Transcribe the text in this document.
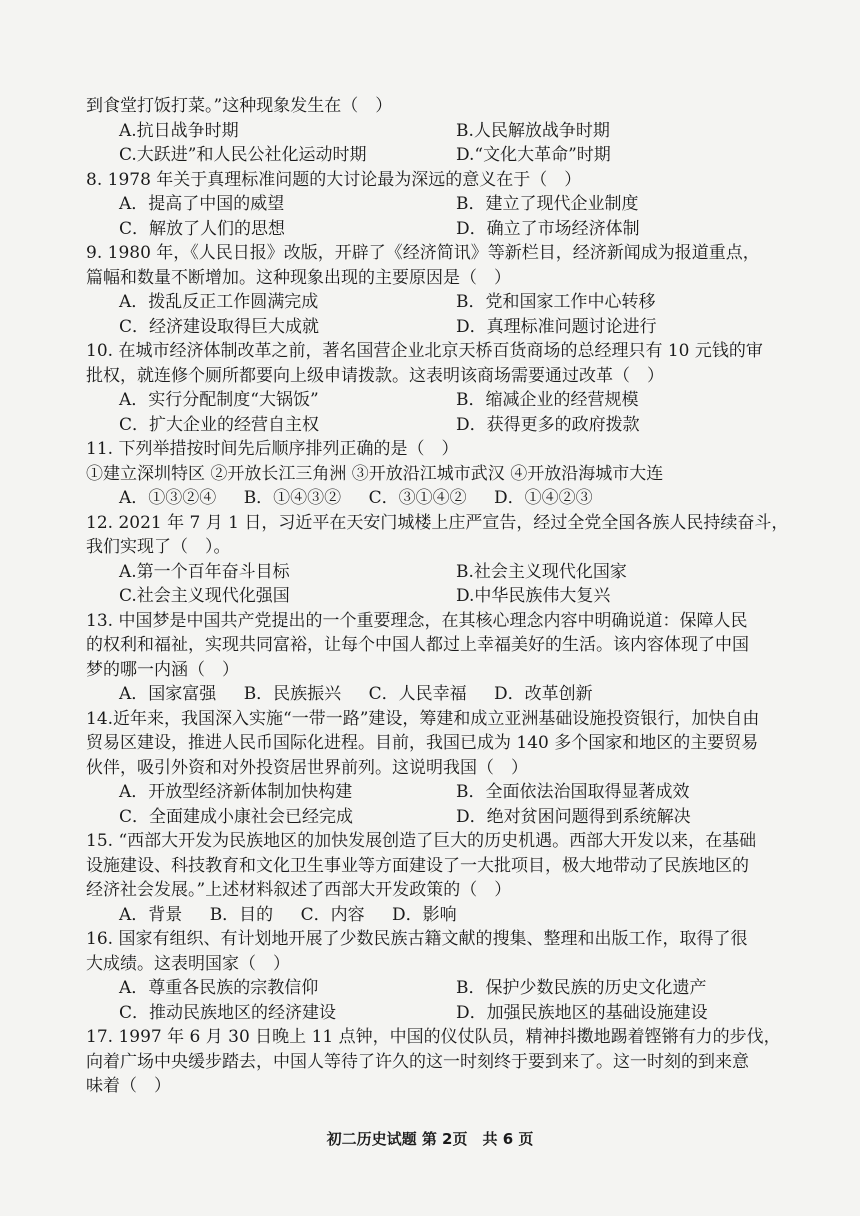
到食堂打饭打菜。”这种现象发生在（　）
A.抗日战争时期	B.人民解放战争时期
C.大跃进”和人民公社化运动时期	D.“文化大革命”时期
8. 1978 年关于真理标准问题的大讨论最为深远的意义在于（　）
A．提高了中国的威望	B．建立了现代企业制度
C．解放了人们的思想	D．确立了市场经济体制
9. 1980 年，《人民日报》改版，开辟了《经济简讯》等新栏目，经济新闻成为报道重点，
篇幅和数量不断增加。这种现象出现的主要原因是（　）
A．拨乱反正工作圆满完成	B．党和国家工作中心转移
C．经济建设取得巨大成就	D．真理标准问题讨论进行
10. 在城市经济体制改革之前，著名国营企业北京天桥百货商场的总经理只有 10 元钱的审
批权，就连修个厕所都要向上级申请拨款。这表明该商场需要通过改革（　）
A．实行分配制度“大锅饭”	B．缩减企业的经营规模
C．扩大企业的经营自主权	D．获得更多的政府拨款
11. 下列举措按时间先后顺序排列正确的是（　）
①建立深圳特区 ②开放长江三角洲 ③开放沿江城市武汉 ④开放沿海城市大连
A．①③②④ B．①④③② C．③①④② D．①④②③
12. 2021 年 7 月 1 日，习近平在天安门城楼上庄严宣告，经过全党全国各族人民持续奋斗，
我们实现了（　）。
A.第一个百年奋斗目标	B.社会主义现代化国家
C.社会主义现代化强国	D.中华民族伟大复兴
13. 中国梦是中国共产党提出的一个重要理念，在其核心理念内容中明确说道：保障人民
的权利和福祉，实现共同富裕，让每个中国人都过上幸福美好的生活。该内容体现了中国
梦的哪一内涵（　）
A．国家富强 B．民族振兴 C．人民幸福 D．改革创新
14.近年来，我国深入实施“一带一路”建设，筹建和成立亚洲基础设施投资银行，加快自由
贸易区建设，推进人民币国际化进程。目前，我国已成为 140 多个国家和地区的主要贸易
伙伴，吸引外资和对外投资居世界前列。这说明我国（　）
A．开放型经济新体制加快构建	B．全面依法治国取得显著成效
C．全面建成小康社会已经完成	D．绝对贫困问题得到系统解决
15. “西部大开发为民族地区的加快发展创造了巨大的历史机遇。西部大开发以来，在基础
设施建设、科技教育和文化卫生事业等方面建设了一大批项目，极大地带动了民族地区的
经济社会发展。”上述材料叙述了西部大开发政策的（　）
A．背景 B．目的 C．内容 D．影响
16. 国家有组织、有计划地开展了少数民族古籍文献的搜集、整理和出版工作，取得了很
大成绩。这表明国家（　）
A．尊重各民族的宗教信仰	B．保护少数民族的历史文化遗产
C．推动民族地区的经济建设	D．加强民族地区的基础设施建设
17. 1997 年 6 月 30 日晚上 11 点钟，中国的仪仗队员，精神抖擞地踢着铿锵有力的步伐，
向着广场中央缓步踏去，中国人等待了许久的这一时刻终于要到来了。这一时刻的到来意
味着（　）
初二历史试题 第 2页　共 6 页
